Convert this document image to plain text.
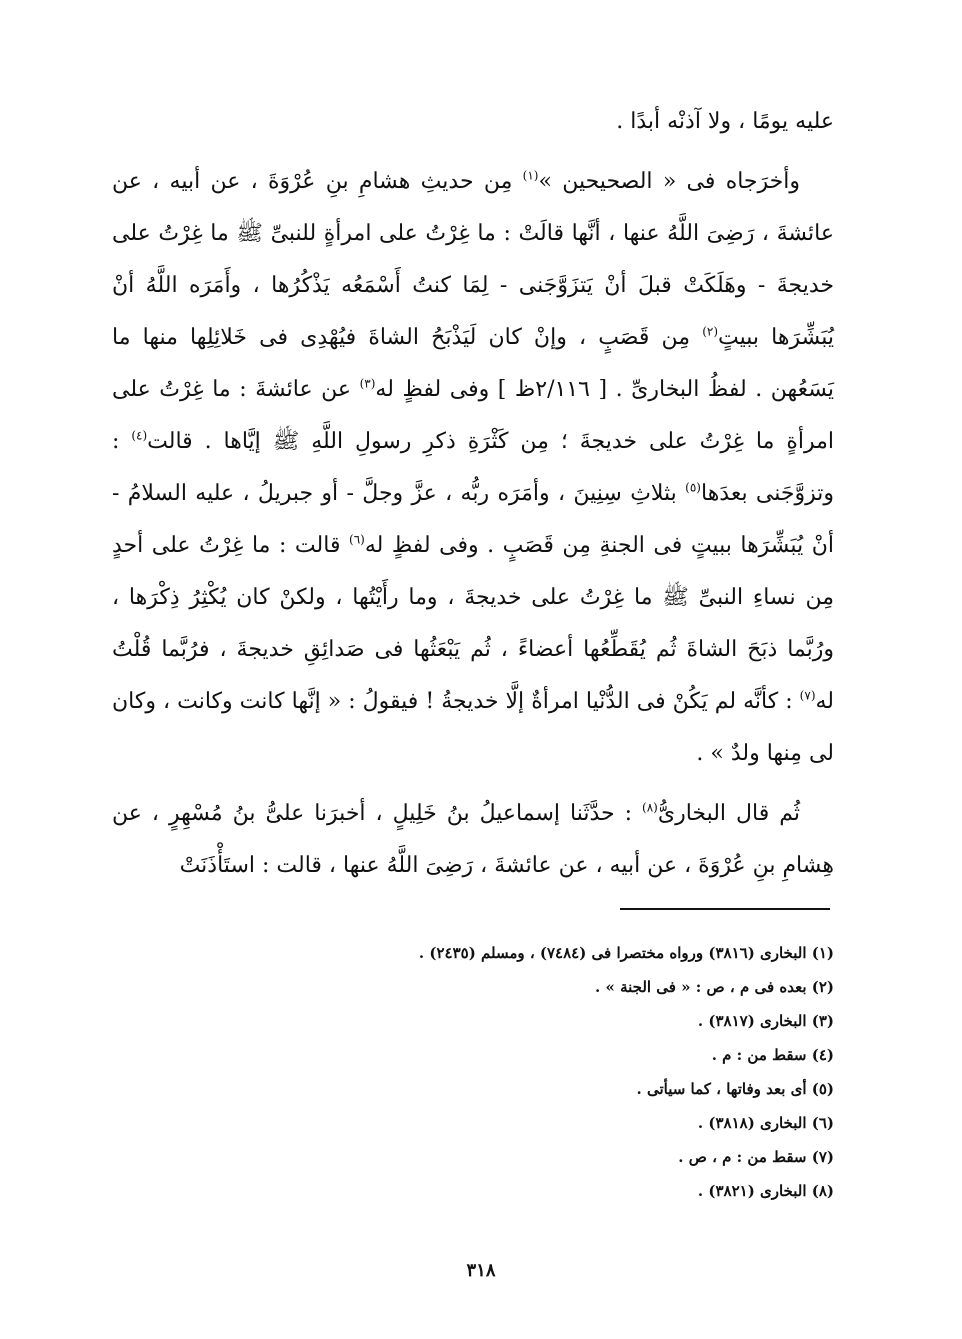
عليه يومًا ، ولا آذنْه أبدًا .

وأخرَجاه فى « الصحيحين »$^{(١)}$ مِن حديثِ هشامِ بنِ عُرْوَةَ ، عن أبيه ، عن عائشةَ ، رَضِىَ اللَّهُ عنها ، أنَّها قالَتْ : ما غِرْتُ على امرأةٍ للنبىِّ ﷺ ما غِرْتُ على خديجةَ - وهَلَكَتْ قبلَ أنْ يَتزَوَّجَنى - لِمَا كنتُ أَسْمَعُه يَذْكُرُها ، وأَمَرَه اللَّهُ أنْ يُبَشِّرَها ببيتٍ$^{(٢)}$ مِن قَصَبٍ ، وإنْ كان لَيَذْبَحُ الشاةَ فيُهْدِى فى خَلائِلِها منها ما يَسَعُهن . لفظُ البخارىِّ . [ ٢/١١٦ظ ] وفى لفظٍ له$^{(٣)}$ عن عائشةَ : ما غِرْتُ على امرأةٍ ما غِرْتُ على خديجةَ ؛ مِن كَثْرَةِ ذكرِ رسولِ اللَّهِ ﷺ إيَّاها . قالت$^{(٤)}$ : وتزوَّجَنى بعدَها$^{(٥)}$ بثلاثِ سِنِينَ ، وأمَرَه ربُّه ، عزَّ وجلَّ - أو جبريلُ ، عليه السلامُ - أنْ يُبَشِّرَها ببيتٍ فى الجنةِ مِن قَصَبٍ . وفى لفظٍ له$^{(٦)}$ قالت : ما غِرْتُ على أحدٍ مِن نساءِ النبىِّ ﷺ ما غِرْتُ على خديجةَ ، وما رأَيْتُها ، ولكنْ كان يُكْثِرُ ذِكْرَها ، ورُبَّما ذبَحَ الشاةَ ثُم يُقَطِّعُها أعضاءً ، ثُم يَبْعَثُها فى صَدائِقِ خديجةَ ، فرُبَّما قُلْتُ له$^{(٧)}$ : كأنَّه لم يَكُنْ فى الدُّنْيا امرأةٌ إلَّا خديجةُ ! فيقولُ : « إنَّها كانت وكانت ، وكان لى مِنها ولدٌ » .

ثُم قال البخارىُّ$^{(٨)}$ : حدَّثَنا إسماعيلُ بنُ خَلِيلٍ ، أخبرَنا علىُّ بنُ مُسْهِرٍ ، عن هِشامِ بنِ عُرْوَةَ ، عن أبيه ، عن عائشةَ ، رَضِىَ اللَّهُ عنها ، قالت : استَأْذَنَتْ

(١) البخارى (٣٨١٦) ورواه مختصرا فى (٧٤٨٤) ، ومسلم (٢٤٣٥) .

(٢) بعده فى م ، ص : « فى الجنة » .

(٣) البخارى (٣٨١٧) .

(٤) سقط من : م .

(٥) أى بعد وفاتها ، كما سيأتى .

(٦) البخارى (٣٨١٨) .

(٧) سقط من : م ، ص .

(٨) البخارى (٣٨٢١) .

٣١٨
